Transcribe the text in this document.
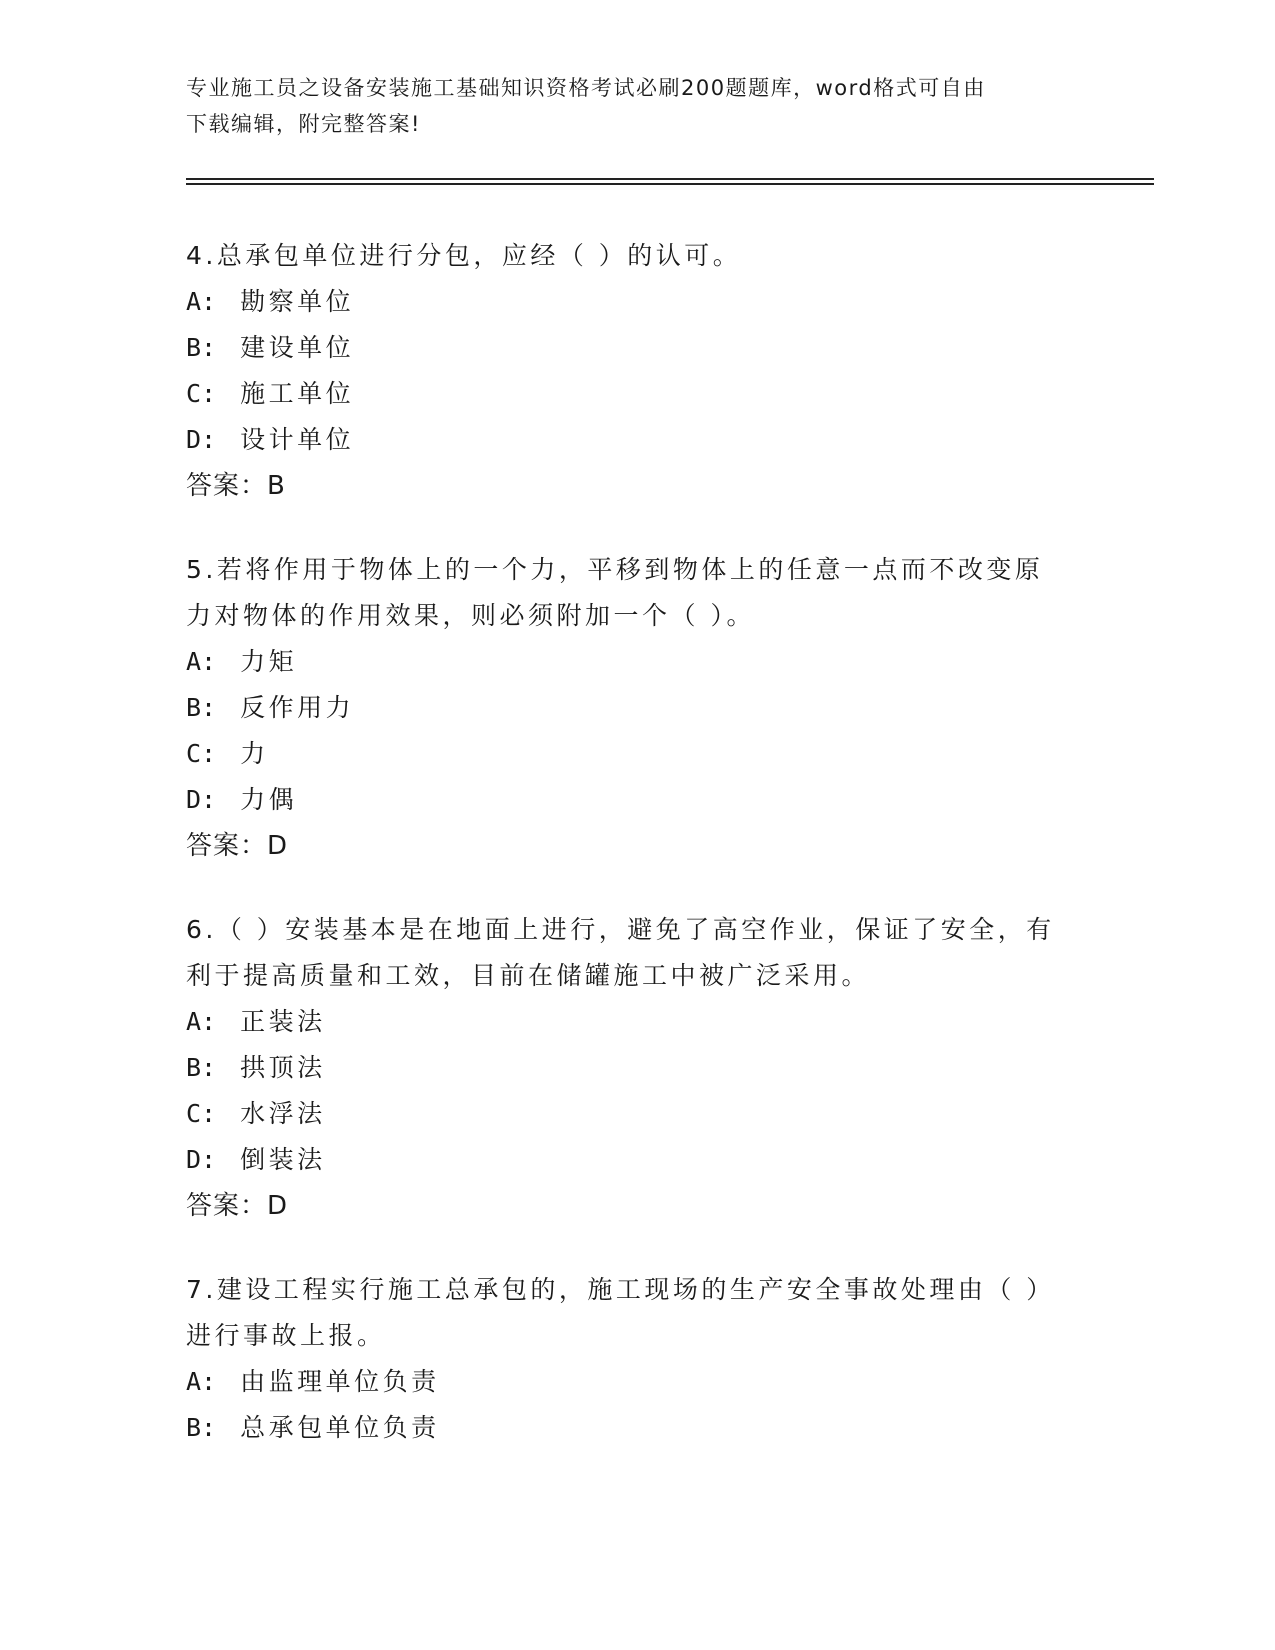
专业施工员之设备安装施工基础知识资格考试必刷200题题库，word格式可自由
下载编辑，附完整答案!

4.总承包单位进行分包，应经（ ）的认可。

A: 勘察单位

B: 建设单位

C: 施工单位

D: 设计单位

答案：B

5.若将作用于物体上的一个力，平移到物体上的任意一点而不改变原

力对物体的作用效果，则必须附加一个（ ）。

A: 力矩

B: 反作用力

C: 力

D: 力偶

答案：D

6.（ ）安装基本是在地面上进行，避免了高空作业，保证了安全，有

利于提高质量和工效，目前在储罐施工中被广泛采用。

A: 正装法

B: 拱顶法

C: 水浮法

D: 倒装法

答案：D

7.建设工程实行施工总承包的，施工现场的生产安全事故处理由（ ）

进行事故上报。

A: 由监理单位负责

B: 总承包单位负责
